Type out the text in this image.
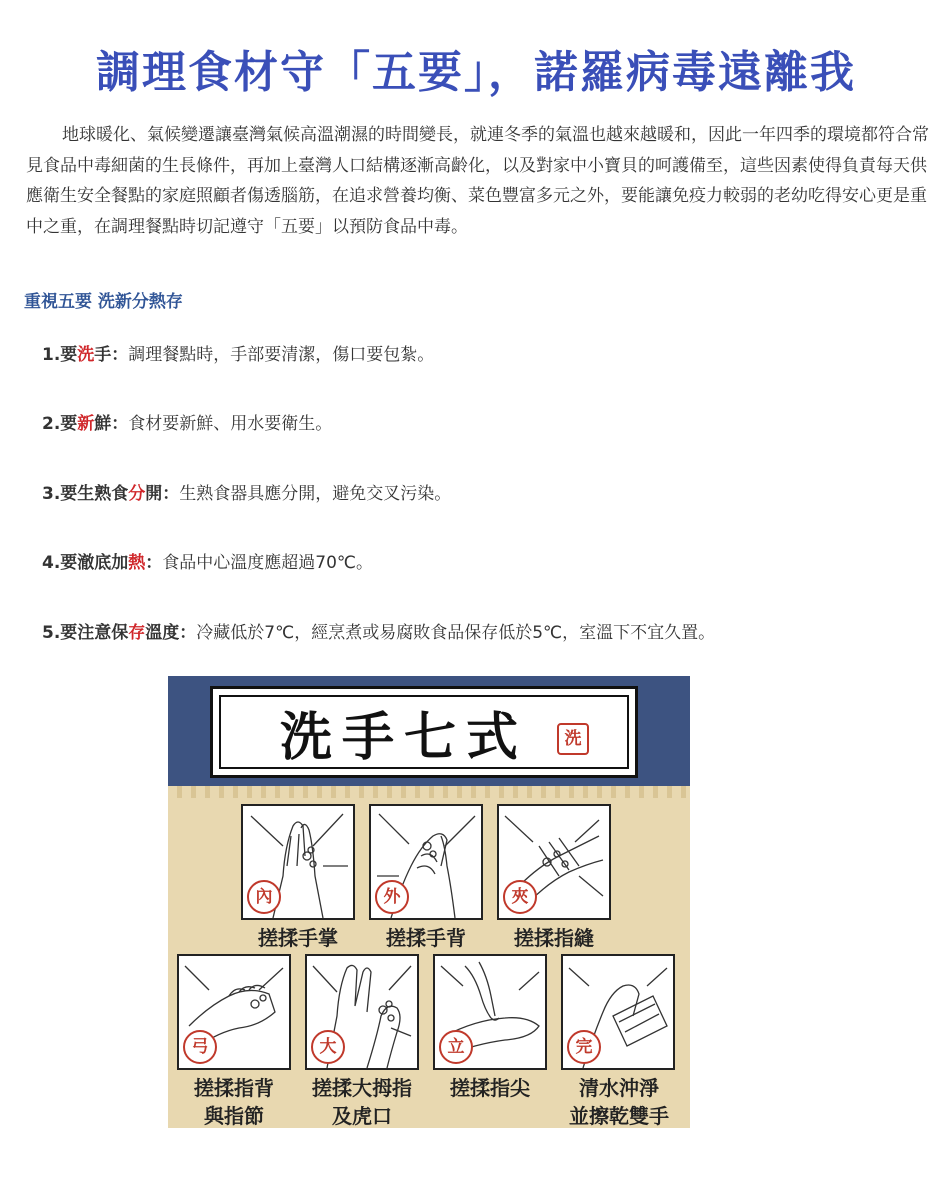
調理食材守「五要」，諾羅病毒遠離我

地球暖化、氣候變遷讓臺灣氣候高溫潮濕的時間變長，就連冬季的氣溫也越來越暖和，因此一年四季的環境都符合常見食品中毒細菌的生長條件，再加上臺灣人口結構逐漸高齡化，以及對家中小寶貝的呵護備至，這些因素使得負責每天供應衛生安全餐點的家庭照顧者傷透腦筋，在追求營養均衡、菜色豐富多元之外，要能讓免疫力較弱的老幼吃得安心更是重中之重，在調理餐點時切記遵守「五要」以預防食品中毒。

重視五要 洗新分熱存
1.要洗手：調理餐點時，手部要清潔，傷口要包紮。
2.要新鮮：食材要新鮮、用水要衛生。
3.要生熟食分開：生熟食器具應分開，避免交叉污染。
4.要澈底加熱：食品中心溫度應超過70℃。
5.要注意保存溫度：冷藏低於7℃，經烹煮或易腐敗食品保存低於5℃，室溫下不宜久置。
洗手七式	洗
內	外	夾
搓揉手掌	搓揉手背	搓揉指縫
弓	大	立	完
搓揉指背
與指節
搓揉大拇指
及虎口
搓揉指尖	清水沖淨
並擦乾雙手
